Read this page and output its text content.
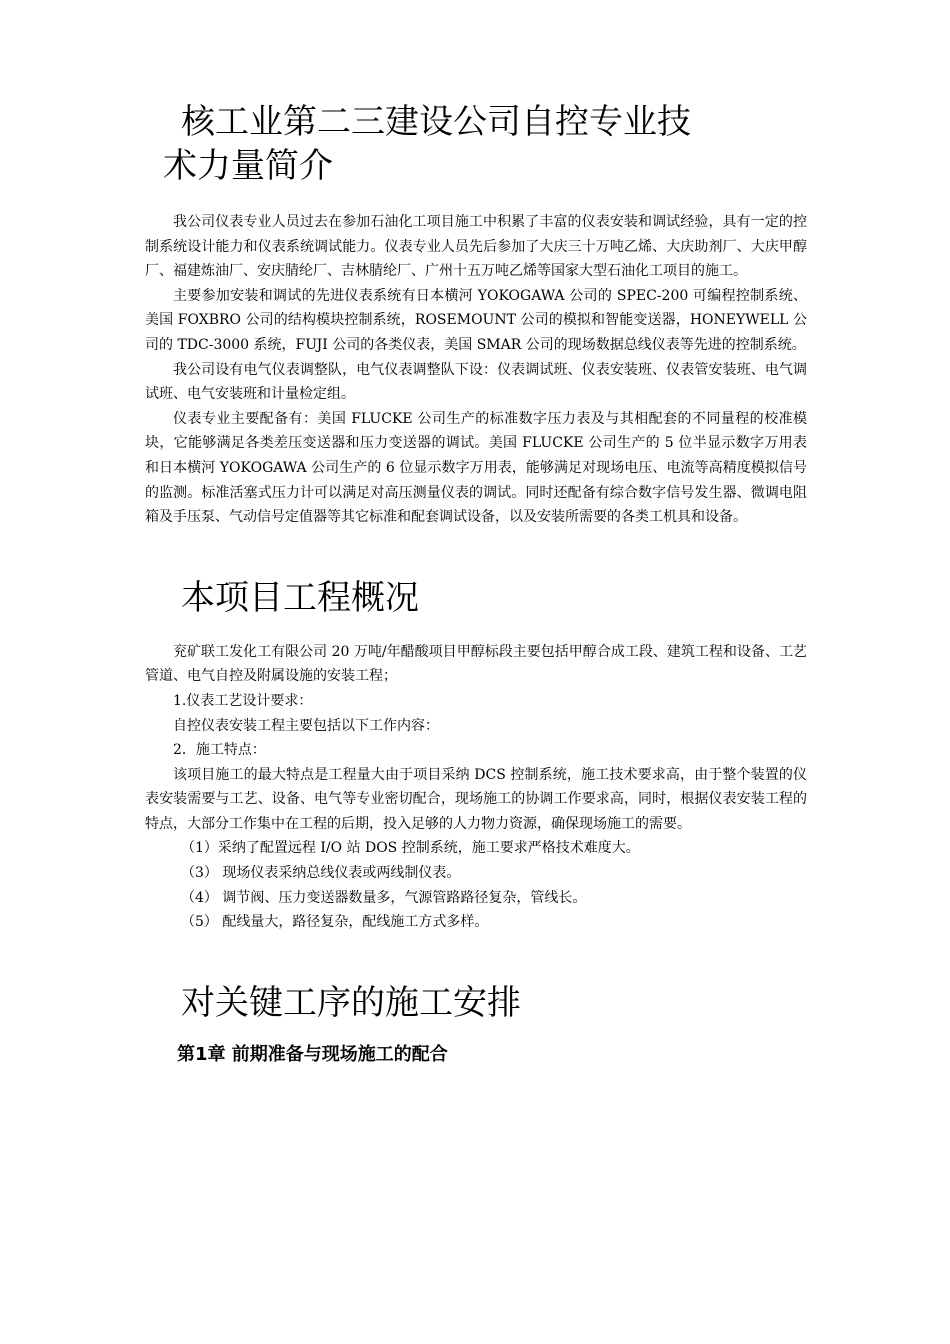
核工业第二三建设公司自控专业技
术力量简介

我公司仪表专业人员过去在参加石油化工项目施工中积累了丰富的仪表安装和调试经验，具有一定的控制系统设计能力和仪表系统调试能力。仪表专业人员先后参加了大庆三十万吨乙烯、大庆助剂厂、大庆甲醇厂、福建炼油厂、安庆腈纶厂、吉林腈纶厂、广州十五万吨乙烯等国家大型石油化工项目的施工。

主要参加安装和调试的先进仪表系统有日本横河 YOKOGAWA 公司的 SPEC-200 可编程控制系统、美国 FOXBRO 公司的结构模块控制系统，ROSEMOUNT 公司的模拟和智能变送器，HONEYWELL 公司的 TDC-3000 系统，FUJI 公司的各类仪表，美国 SMAR 公司的现场数据总线仪表等先进的控制系统。

我公司设有电气仪表调整队，电气仪表调整队下设：仪表调试班、仪表安装班、仪表管安装班、电气调试班、电气安装班和计量检定组。

仪表专业主要配备有：美国 FLUCKE 公司生产的标准数字压力表及与其相配套的不同量程的校准模块，它能够满足各类差压变送器和压力变送器的调试。美国 FLUCKE 公司生产的 5 位半显示数字万用表和日本横河 YOKOGAWA 公司生产的 6 位显示数字万用表，能够满足对现场电压、电流等高精度模拟信号的监测。标准活塞式压力计可以满足对高压测量仪表的调试。同时还配备有综合数字信号发生器、微调电阻箱及手压泵、气动信号定值器等其它标准和配套调试设备，以及安装所需要的各类工机具和设备。

本项目工程概况

兖矿联工发化工有限公司 20 万吨/年醋酸项目甲醇标段主要包括甲醇合成工段、建筑工程和设备、工艺管道、电气自控及附属设施的安装工程；

1.仪表工艺设计要求：

自控仪表安装工程主要包括以下工作内容：

2．施工特点：

该项目施工的最大特点是工程量大由于项目采纳 DCS 控制系统，施工技术要求高，由于整个装置的仪表安装需要与工艺、设备、电气等专业密切配合，现场施工的协调工作要求高，同时，根据仪表安装工程的特点，大部分工作集中在工程的后期，投入足够的人力物力资源，确保现场施工的需要。

（1）采纳了配置远程 I/O 站 DOS 控制系统，施工要求严格技术难度大。

（3） 现场仪表采纳总线仪表或两线制仪表。

（4） 调节阀、压力变送器数量多，气源管路路径复杂，管线长。

（5） 配线量大，路径复杂，配线施工方式多样。

对关键工序的施工安排
第1章 前期准备与现场施工的配合
